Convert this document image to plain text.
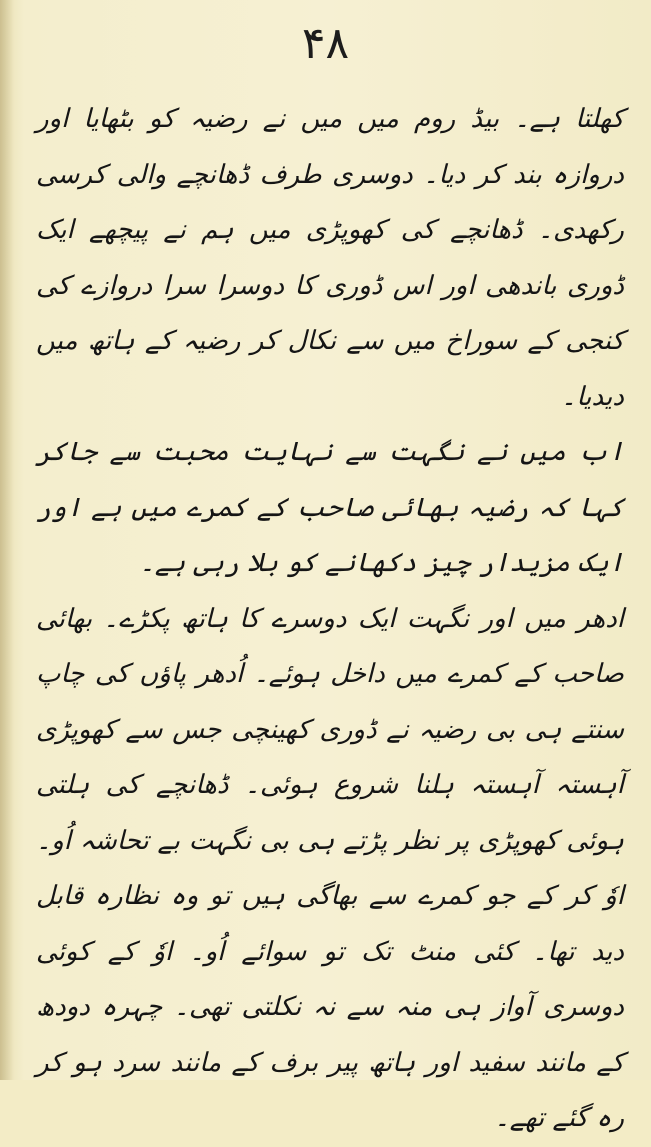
۴۸

کھلتا ہے۔ بیڈ روم میں میں نے رضیہ کو بٹھایا اور دروازہ بند کر دیا۔ دوسری طرف ڈھانچے والی کرسی رکھدی۔ ڈھانچے کی کھوپڑی میں ہم نے پیچھے ایک ڈوری باندھی اور اس ڈوری کا دوسرا سرا دروازے کی کنجی کے سوراخ میں سے نکال کر رضیہ کے ہاتھ میں دیدیا۔

اب میں نے نگہت سے نہایت محبت سے جاکر کہا کہ رضیہ بھائی صاحب کے کمرے میں ہے اور ایک مزیدار چیز دکھانے کو بلا رہی ہے۔

ادھر میں اور نگہت ایک دوسرے کا ہاتھ پکڑے۔ بھائی صاحب کے کمرے میں داخل ہوئے۔ اُدھر پاؤں کی چاپ سنتے ہی بی رضیہ نے ڈوری کھینچی جس سے کھوپڑی آہستہ آہستہ ہلنا شروع ہوئی۔ ڈھانچے کی ہلتی ہوئی کھوپڑی پر نظر پڑتے ہی بی نگہت بے تحاشہ اُو۔ اوٗ کر کے جو کمرے سے بھاگی ہیں تو وہ نظارہ قابل دید تھا۔ کئی منٹ تک تو سوائے اُو۔ اوٗ کے کوئی دوسری آواز ہی منہ سے نہ نکلتی تھی۔ چہرہ دودھ کے مانند سفید اور ہاتھ پیر برف کے مانند سرد ہو کر رہ گئے تھے۔
